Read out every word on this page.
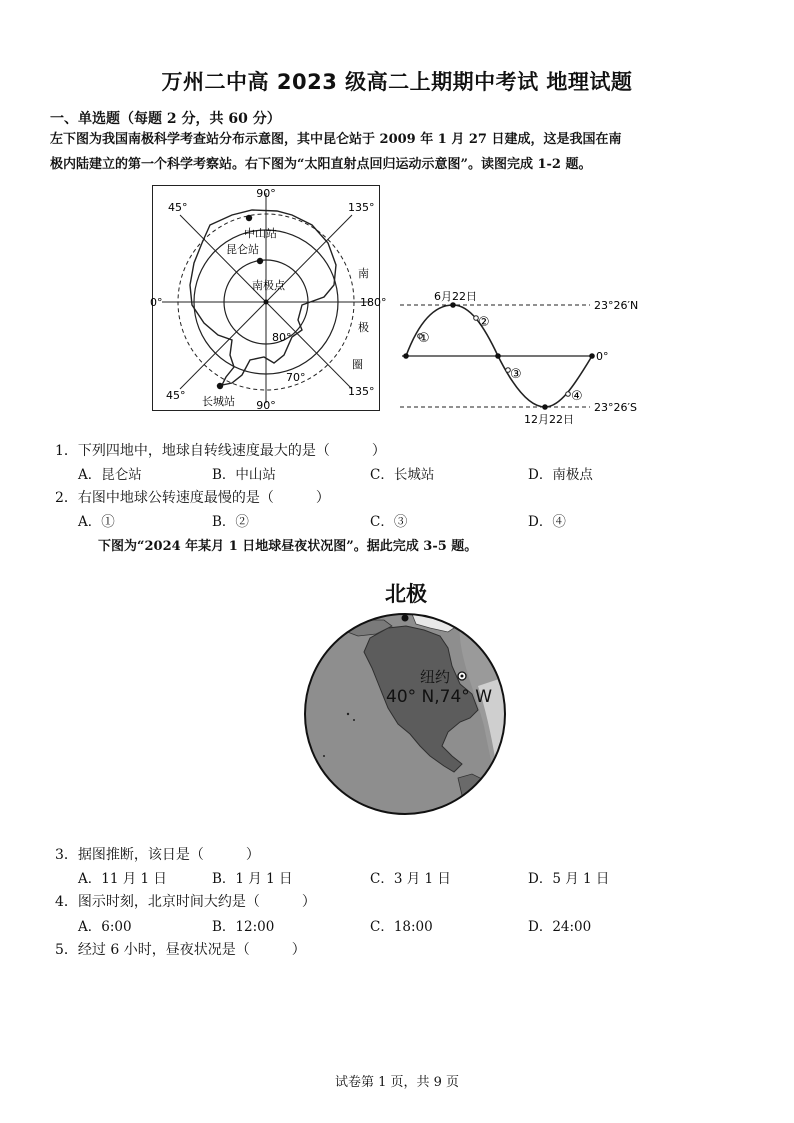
万州二中高 2023 级高二上期期中考试 地理试题
一、单选题（每题 2 分，共 60 分）
左下图为我国南极科学考查站分布示意图，其中昆仑站于 2009 年 1 月 27 日建成，这是我国在南
极内陆建立的第一个科学考察站。右下图为“太阳直射点回归运动示意图”。读图完成 1-2 题。
90°
45°	135°
0°	180°
45°
90°
135°
80°
70°
中山站
昆仑站
南极点
长城站
南
极
圈
6月22日
12月22日
23°26′N
0°
23°26′S
①
②
③
④
1．下列四地中，地球自转线速度最大的是（　　　）
A．昆仑站	B．中山站	C．长城站	D．南极点
2．右图中地球公转速度最慢的是（　　　）
A．①	B．②	C．③	D．④
下图为“2024 年某月 1 日地球昼夜状况图”。据此完成 3-5 题。
北极
纽约
40° N,74° W
3．据图推断，该日是（　　　）
A．11 月 1 日	B．1 月 1 日	C．3 月 1 日	D．5 月 1 日
4．图示时刻，北京时间大约是（　　　）
A．6:00	B．12:00	C．18:00	D．24:00
5．经过 6 小时，昼夜状况是（　　　）
试卷第 1 页，共 9 页
